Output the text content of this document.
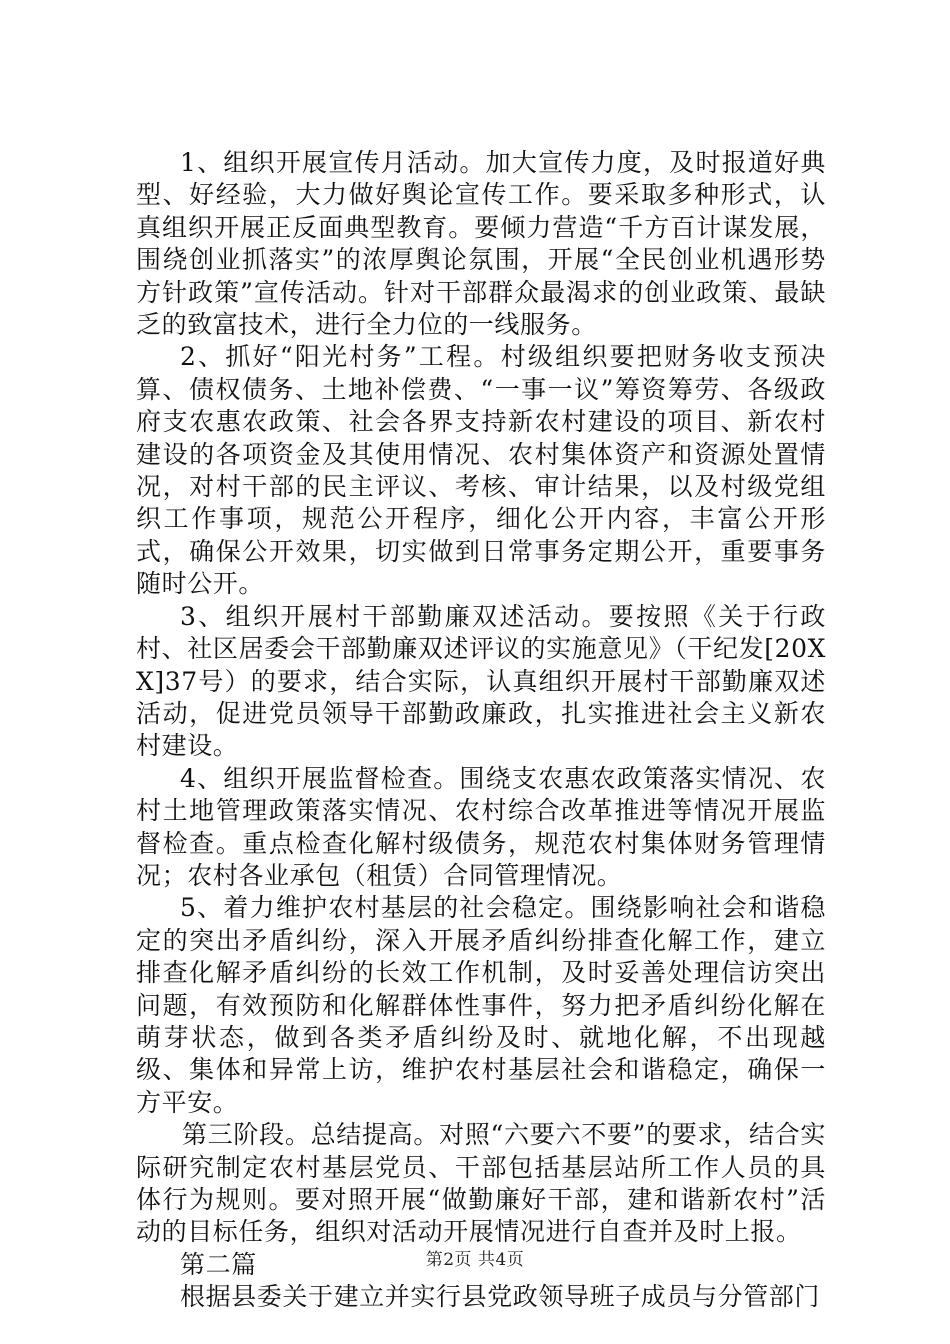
1、组织开展宣传月活动。加大宣传力度，及时报道好典型、好经验，大力做好舆论宣传工作。要采取多种形式，认真组织开展正反面典型教育。要倾力营造“千方百计谋发展，围绕创业抓落实”的浓厚舆论氛围，开展“全民创业机遇形势方针政策”宣传活动。针对干部群众最渴求的创业政策、最缺乏的致富技术，进行全力位的一线服务。

2、抓好“阳光村务”工程。村级组织要把财务收支预决算、债权债务、土地补偿费、“一事一议”筹资筹劳、各级政府支农惠农政策、社会各界支持新农村建设的项目、新农村建设的各项资金及其使用情况、农村集体资产和资源处置情况，对村干部的民主评议、考核、审计结果，以及村级党组织工作事项，规范公开程序，细化公开内容，丰富公开形式，确保公开效果，切实做到日常事务定期公开，重要事务随时公开。

3、组织开展村干部勤廉双述活动。要按照《关于行政村、社区居委会干部勤廉双述评议的实施意见》（干纪发[20XX]37号）的要求，结合实际，认真组织开展村干部勤廉双述活动，促进党员领导干部勤政廉政，扎实推进社会主义新农村建设。

4、组织开展监督检查。围绕支农惠农政策落实情况、农村土地管理政策落实情况、农村综合改革推进等情况开展监督检查。重点检查化解村级债务，规范农村集体财务管理情况；农村各业承包（租赁）合同管理情况。

5、着力维护农村基层的社会稳定。围绕影响社会和谐稳定的突出矛盾纠纷，深入开展矛盾纠纷排查化解工作，建立排查化解矛盾纠纷的长效工作机制，及时妥善处理信访突出问题，有效预防和化解群体性事件，努力把矛盾纠纷化解在萌芽状态，做到各类矛盾纠纷及时、就地化解，不出现越级、集体和异常上访，维护农村基层社会和谐稳定，确保一方平安。

第三阶段。总结提高。对照“六要六不要”的要求，结合实际研究制定农村基层党员、干部包括基层站所工作人员的具体行为规则。要对照开展“做勤廉好干部，建和谐新农村”活动的目标任务，组织对活动开展情况进行自查并及时上报。

第二篇

根据县委关于建立并实行县党政领导班子成员与分管部门

第2页 共4页
